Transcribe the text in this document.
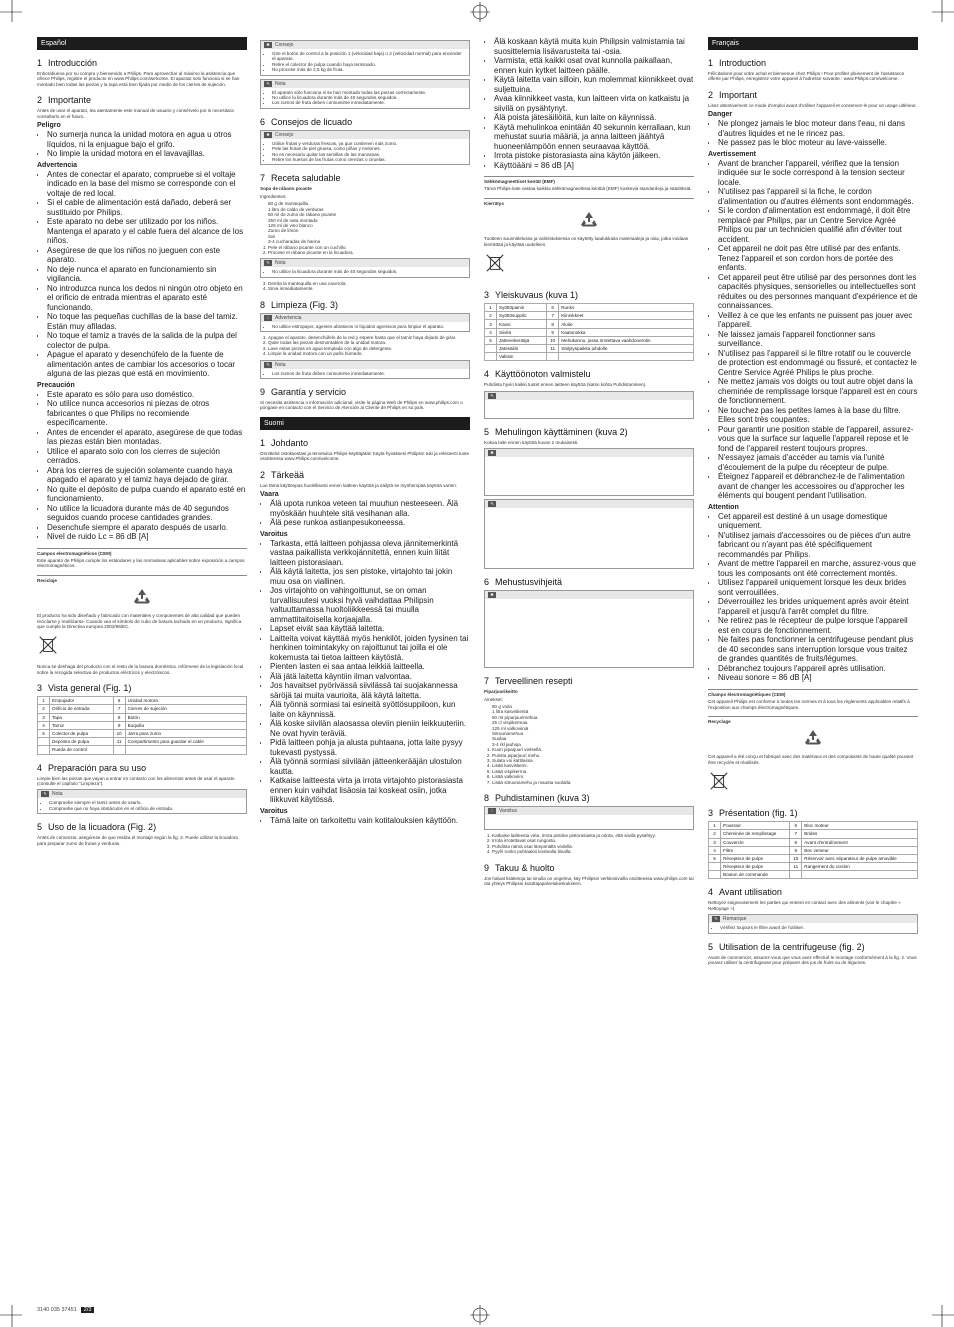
Español
1 Introducción

Enhorabuena por su compra y bienvenido a Philips. Para aprovechar al máximo la asistencia que ofrece Philips, registre el producto en www.Philips.com/welcome. El aparato solo funciona si se han montado bien todas las piezas y la tapa está bien fijada por medio de los cierres de sujeción.

2 Importante

Antes de usar el aparato, lea atentamente este manual de usuario y consérvelo por si necesitara consultarlo en el futuro.

Peligro
• No sumerja nunca la unidad motora en agua u otros líquidos, ni la enjuague bajo el grifo.
• No limpie la unidad motora en el lavavajillas.
Advertencia
• Antes de conectar el aparato, compruebe si el voltaje indicado en la base del mismo se corresponde con el voltaje de red local.
• Si el cable de alimentación está dañado, deberá ser sustituido por Philips.
• Este aparato no debe ser utilizado por los niños. Mantenga el aparato y el cable fuera del alcance de los niños.
• Asegúrese de que los niños no jueguen con este aparato.
• No deje nunca el aparato en funcionamiento sin vigilancia.
• No introduzca nunca los dedos ni ningún otro objeto en el orificio de entrada mientras el aparato esté funcionando.
• No toque las pequeñas cuchillas de la base del tamiz. Están muy afiladas.
• No toque el tamiz a través de la salida de la pulpa del colector de pulpa.
• Apague el aparato y desenchúfelo de la fuente de alimentación antes de cambiar los accesorios o tocar alguna de las piezas que está en movimiento.
Precaución
• Este aparato es sólo para uso doméstico.
• No utilice nunca accesorios ni piezas de otros fabricantes o que Philips no recomiende específicamente.
• Antes de encender el aparato, asegúrese de que todas las piezas están bien montadas.
• Utilice el aparato solo con los cierres de sujeción cerrados.
• Abra los cierres de sujeción solamente cuando haya apagado el aparato y el tamiz haya dejado de girar.
• No quite el depósito de pulpa cuando el aparato esté en funcionamiento.
• No utilice la licuadora durante más de 40 segundos seguidos cuando procese cantidades grandes.
• Desenchufe siempre el aparato después de usarlo.
• Nivel de ruido Lc = 86 dB [A]
Campos electromagnéticos (CEM)

Este aparato de Philips cumple los estándares y las normativas aplicables sobre exposición a campos electromagnéticos.

Reciclaje

El producto ha sido diseñado y fabricado con materiales y componentes de alta calidad que pueden reciclarse y reutilizarse. Cuando vea el símbolo de cubo de basura tachado en un producto, significa que cumple la Directiva europea 2002/96/EC.

Nunca se deshaga del producto con el resto de la basura doméstica. Infórmese de la legislación local sobre la recogida selectiva de productos eléctricos y electrónicos.

3 Vista general (Fig. 1)
1	Empujador	6	Unidad motora
2	Orificio de entrada	7	Cierres de sujeción
3	Tapa	8	Botón
4	Tamiz	9	Boquilla
5	Colector de pulpa	10	Jarra para zumo
	Depósito de pulpa	11	Compartimento para guardar el cable
	Rueda de control		
4 Preparación para su uso

Limpie bien las piezas que vayan a entrar en contacto con los alimentos antes de usar el aparato (consulte el capítulo "Limpieza").

✎	Nota
• Compruebe siempre el tamiz antes de usarlo.
• Compruebe que no haya obstáculos en el orificio de entrada.
5 Uso de la licuadora (Fig. 2)

Antes de comenzar, asegúrese de que realiza el montaje según la fig. 2. Puede utilizar la licuadora para preparar zumo de frutas y verduras.

✱	Consejo
• Gire el botón de control a la posición 1 (velocidad baja) o 2 (velocidad normal) para encender el aparato.
• Retire el colector de pulpa cuando haya terminado.
• No procese más de 2,5 kg de fruta.
✎	Nota
• El aparato sólo funciona si se han montado todas las piezas correctamente.
• No utilice la licuadora durante más de 40 segundos seguidos.
• Los zumos de fruta deben consumirse inmediatamente.
6 Consejos de licuado
✱	Consejo
• Utilice frutas y verduras frescas, ya que contienen más zumo.
• Pele las frutas de piel gruesa, como piñas y melones.
• No es necesario quitar las semillas de las manzanas.
• Retire los huesos de las frutas como cerezas o ciruelas.
7 Receta saludable
Sopa de rábano picante
Ingredientes:
• 80 g de mantequilla
• 1 litro de caldo de verduras
• 50 ml de zumo de rábano picante
• 250 ml de nata montada
• 125 ml de vino blanco
• Zumo de limón
• Sal
• 3-4 cucharadas de harina
1. Pele el rábano picante con un cuchillo.
2. Procese el rábano picante en la licuadora.
✎	Nota
• No utilice la licuadora durante más de 40 segundos seguidos.
3. Derrita la mantequilla en una cacerola.
4. Sirva inmediatamente.
8 Limpieza (Fig. 3)
!	Advertencia
• No utilice estropajos, agentes abrasivos ni líquidos agresivos para limpiar el aparato.
1. Apague el aparato, desenchúfelo de la red y espere hasta que el tamiz haya dejado de girar.
2. Quite todas las piezas desmontables de la unidad motora.
3. Lave estas piezas en agua templada con algo de detergente.
4. Limpie la unidad motora con un paño húmedo.
✎	Nota
• Los zumos de fruta deben consumirse inmediatamente.
9 Garantía y servicio

Si necesita asistencia o información adicional, visite la página Web de Philips en www.philips.com o póngase en contacto con el Servicio de Atención al Cliente de Philips en su país.

Suomi
1 Johdanto

Onnittelut ostoksestasi ja tervetuloa Philips-käyttäjäksi! Käytä hyväksesi Philipsin tuki ja rekisteröi tuote osoitteessa www.Philips.com/welcome.

2 Tärkeää

Lue tämä käyttöopas huolellisesti ennen laitteen käyttöä ja säilytä se myöhempää käyttöä varten.

Vaara
• Älä upota runkoa veteen tai muuhun nesteeseen. Älä myöskään huuhtele sitä vesihanan alla.
• Älä pese runkoa astianpesukoneessa.
Varoitus
• Tarkasta, että laitteen pohjassa oleva jännitemerkintä vastaa paikallista verkkojännitettä, ennen kuin liität laitteen pistorasiaan.
• Älä käytä laitetta, jos sen pistoke, virtajohto tai jokin muu osa on viallinen.
• Jos virtajohto on vahingoittunut, se on oman turvallisuutesi vuoksi hyvä vaihdattaa Philipsin valtuuttamassa huoltoliikkeessä tai muulla ammattitaitoisella korjaajalla.
• Lapset eivät saa käyttää laitetta.
• Laitteita voivat käyttää myös henkilöt, joiden fyysinen tai henkinen toimintakyky on rajoittunut tai joilla ei ole kokemusta tai tietoa laitteen käytöstä.
• Pienten lasten ei saa antaa leikkiä laitteella.
• Älä jätä laitetta käyntiin ilman valvontaa.
• Jos havaitset pyörivässä siivilässä tai suojakannessa säröjä tai muita vaurioita, älä käytä laitetta.
• Älä työnnä sormiasi tai esineitä syöttösuppiloon, kun laite on käynnissä.
• Älä koske siivilän alaosassa oleviin pieniin leikkuuteriin. Ne ovat hyvin teräviä.
• Pidä laitteen pohja ja alusta puhtaana, jotta laite pysyy tukevasti pystyssä.
• Älä työnnä sormiasi siivilään jätteenkerääjän ulostulon kautta.
• Katkaise laitteesta virta ja irrota virtajohto pistorasiasta ennen kuin vaihdat lisäosia tai koskeat osiin, jotka liikkuvat käytössä.
Varoitus
• Tämä laite on tarkoitettu vain kotitalouksien käyttöön.
• Älä koskaan käytä muita kuin Philipsin valmistamia tai suosittelemia lisävarusteita tai -osia.
• Varmista, että kaikki osat ovat kunnolla paikallaan, ennen kuin kytket laitteen päälle.
• Käytä laitetta vain silloin, kun molemmat kiinnikkeet ovat suljettuina.
• Avaa kiinnikkeet vasta, kun laitteen virta on katkaistu ja siivilä on pysähtynyt.
• Älä poista jätesäiliöitä, kun laite on käynnissä.
• Käytä mehulinkoa enintään 40 sekunnin kerrallaan, kun mehustat suuria määriä, ja anna laitteen jäähtyä huoneenlämpöön ennen seuraavaa käyttöä.
• Irrota pistoke pistorasiasta aina käytön jälkeen.
• Käyttöääni = 86 dB [A]
Sähkömagneettiset kentät (EMF)

Tämä Philips-laite vastaa kaikkia sähkömagneettisia kenttiä (EMF) koskevia standardeja ja säädöksiä.

Kierrätys

Tuotteen suunnittelussa ja valmistuksessa on käytetty laadukkaita materiaaleja ja osia, jotka voidaan kierrättää ja käyttää uudelleen.

3 Yleiskuvaus (kuva 1)
1	Syöttöpainin	6	Runko
2	Syöttösuppilo	7	Kiinnikkeet
3	Kansi	8	Aloite
4	Siivilä	9	Kaatonokka
5	Jätteenkerääjä	10	Mehukannu, jossa irrotettava vaahdonerotin
	Jätesäiliö	11	Säilytyspaikka johdolle
	Valitsin		
4 Käyttöönoton valmistelu

Puhdista hyvin kaikki tuotet ennen laitteen käyttöä (katso kohta Puhdistaminen).

✎
5 Mehulingon käyttäminen (kuva 2)

Kokoa laite ennen käyttöä kuvan 2 mukaisesti.

✱
✎
6 Mehustusvihjeitä
✱
7 Terveellinen resepti
Piparjuurikeitto
Ainekset:
• 80 g voita
• 1 litra kasvislientä
• 50 ml piparjuurimehua
• 25 cl vispikermaa
• 125 ml valkoviiniä
• Sitruunamehua
• Suolaa
• 3-4 rkl jauhoja
1. Kuori piparjuuri veitsellä.
2. Purista piparjuuri mehu.
3. Sulata voi kattilassa.
4. Lisää kasvisliemi.
5. Lisää vispikerma.
6. Lisää valkoviini.
7. Lisää sitruunamehu ja mausta suolalla.
8 Puhdistaminen (kuva 3)
!	Varoitus
1. Katkaise laitteesta virta, irrota pistoke pistorasiasta ja odota, että siivilä pysähtyy.
2. Irrota irrotettavat osat rungosta.
3. Puhdista nämä osat lämpimällä vedellä.
4. Pyyhi runko puhtaaksi kostealla liinalla.
9 Takuu & huolto

Jos haluat lisätietoja tai sinulla on ongelma, käy Philipsin verkkosivuilla osoitteessa www.philips.com tai ota yhteys Philipsin kuluttajapalvelukeskukseen.

Français
1 Introduction

Félicitations pour votre achat et bienvenue chez Philips ! Pour profiter pleinement de l'assistance offerte par Philips, enregistrez votre appareil à l'adresse suivante : www.Philips.com/welcome.

2 Important

Lisez attentivement ce mode d'emploi avant d'utiliser l'appareil et conservez-le pour un usage ultérieur.

Danger
• Ne plongez jamais le bloc moteur dans l'eau, ni dans d'autres liquides et ne le rincez pas.
• Ne passez pas le bloc moteur au lave-vaisselle.
Avertissement
• Avant de brancher l'appareil, vérifiez que la tension indiquée sur le socle correspond à la tension secteur locale.
• N'utilisez pas l'appareil si la fiche, le cordon d'alimentation ou d'autres éléments sont endommagés.
• Si le cordon d'alimentation est endommagé, il doit être remplacé par Philips, par un Centre Service Agréé Philips ou par un technicien qualifié afin d'éviter tout accident.
• Cet appareil ne doit pas être utilisé par des enfants. Tenez l'appareil et son cordon hors de portée des enfants.
• Cet appareil peut être utilisé par des personnes dont les capacités physiques, sensorielles ou intellectuelles sont réduites ou des personnes manquant d'expérience et de connaissances.
• Veillez à ce que les enfants ne puissent pas jouer avec l'appareil.
• Ne laissez jamais l'appareil fonctionner sans surveillance.
• N'utilisez pas l'appareil si le filtre rotatif ou le couvercle de protection est endommagé ou fissuré, et contactez le Centre Service Agréé Philips le plus proche.
• Ne mettez jamais vos doigts ou tout autre objet dans la cheminée de remplissage lorsque l'appareil est en cours de fonctionnement.
• Ne touchez pas les petites lames à la base du filtre. Elles sont très coupantes.
• Pour garantir une position stable de l'appareil, assurez-vous que la surface sur laquelle l'appareil repose et le fond de l'appareil restent toujours propres.
• N'essayez jamais d'accéder au tamis via l'unité d'écoulement de la pulpe du récepteur de pulpe.
• Éteignez l'appareil et débranchez-le de l'alimentation avant de changer les accessoires ou d'approcher les éléments qui bougent pendant l'utilisation.
Attention
• Cet appareil est destiné à un usage domestique uniquement.
• N'utilisez jamais d'accessoires ou de pièces d'un autre fabricant ou n'ayant pas été spécifiquement recommandés par Philips.
• Avant de mettre l'appareil en marche, assurez-vous que tous les composants ont été correctement montés.
• Utilisez l'appareil uniquement lorsque les deux brides sont verrouillées.
• Déverrouillez les brides uniquement après avoir éteint l'appareil et jusqu'à l'arrêt complet du filtre.
• Ne retirez pas le récepteur de pulpe lorsque l'appareil est en cours de fonctionnement.
• Ne faites pas fonctionner la centrifugeuse pendant plus de 40 secondes sans interruption lorsque vous traitez de grandes quantités de fruits/légumes.
• Débranchez toujours l'appareil après utilisation.
• Niveau sonore = 86 dB [A]
Champs électromagnétiques (CEM)

Cet appareil Philips est conforme à toutes les normes et à tous les règlements applicables relatifs à l'exposition aux champs électromagnétiques.

Recyclage

Cet appareil a été conçu et fabriqué avec des matériaux et des composants de haute qualité pouvant être recyclés et réutilisés.

3 Présentation (fig. 1)
1	Poussoir	6	Bloc moteur
2	Cheminée de remplissage	7	Brides
3	Couvercle	8	Avant d'entraînement
4	Filtre	9	Bec verseur
5	Récepteur de pulpe	10	Réservoir avec séparateur de pulpe amovible
	Récepteur de pulpe	11	Rangement du cordon
	Bouton de commande		
4 Avant utilisation

Nettoyez soigneusement les parties qui entrent en contact avec des aliments (voir le chapitre « Nettoyage »).

✎	Remarque
• Vérifiez toujours le filtre avant de l'utiliser.
5 Utilisation de la centrifugeuse (fig. 2)

Avant de commencer, assurez-vous que vous avez effectué le montage conformément à la fig. 2. Vous pouvez utiliser la centrifugeuse pour préparer des jus de fruits ou de légumes.

3140 035 37451 2/3
